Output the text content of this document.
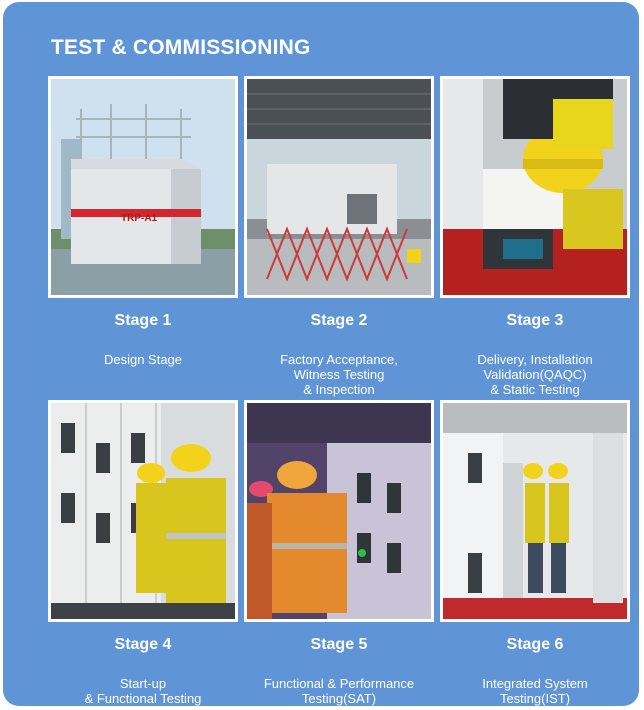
TEST & COMMISSIONING
TRP-A1
Stage 1
Design Stage
Stage 2
Factory Acceptance,
Witness Testing
& Inspection
Stage 3
Delivery, Installation
Validation(QAQC)
& Static Testing
Stage 4
Start-up
& Functional Testing
Stage 5
Functional & Performance
Testing(SAT)
Stage 6
Integrated System
Testing(IST)
